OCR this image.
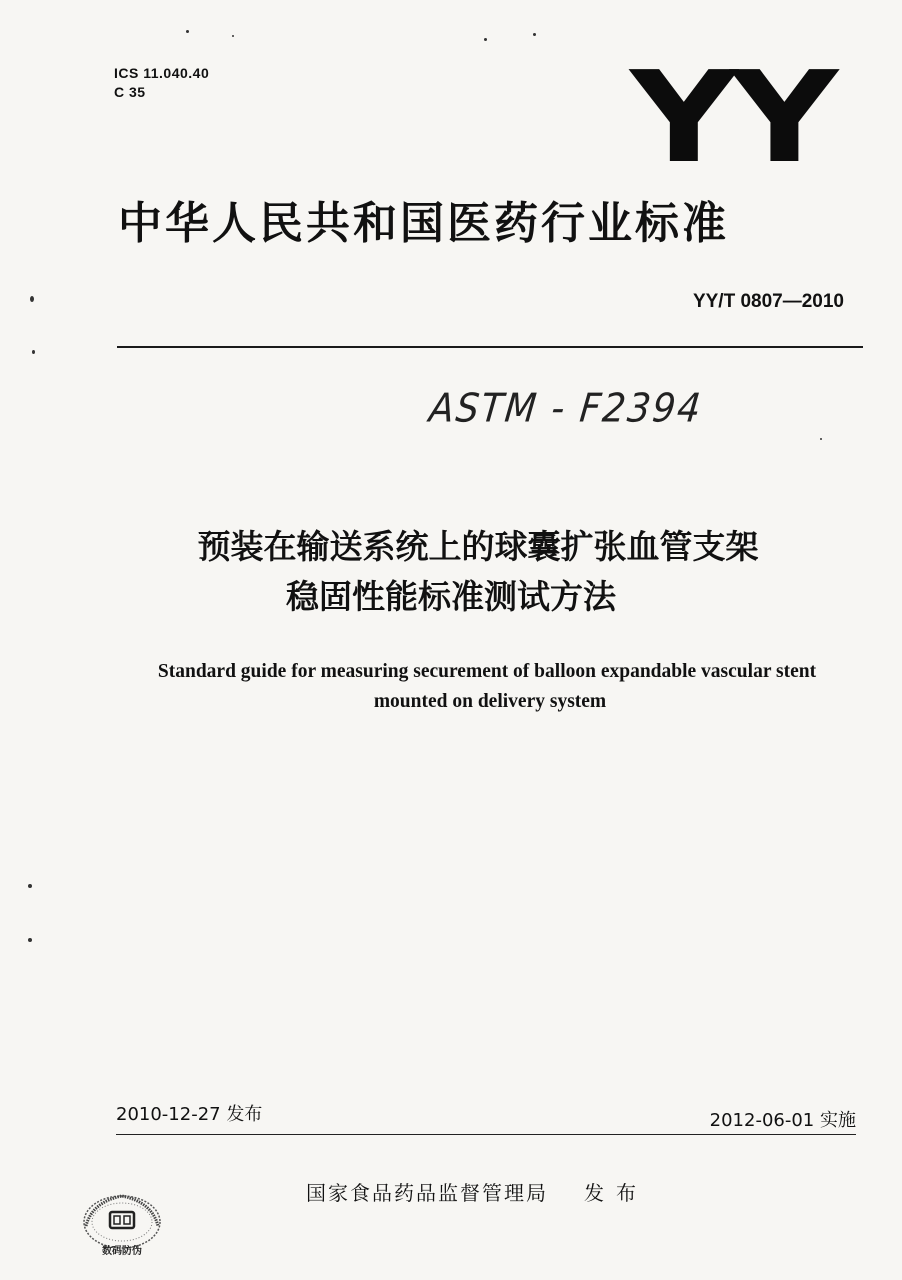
ICS 11.040.40
C 35	YY
中华人民共和国医药行业标准
YY/T 0807—2010
ASTM - F2394
预装在输送系统上的球囊扩张血管支架
稳固性能标准测试方法
Standard guide for measuring securement of balloon expandable vascular stent
mounted on delivery system
2010-12-27 发布	2012-06-01 实施
国家食品药品监督管理局 发布
数码防伪
